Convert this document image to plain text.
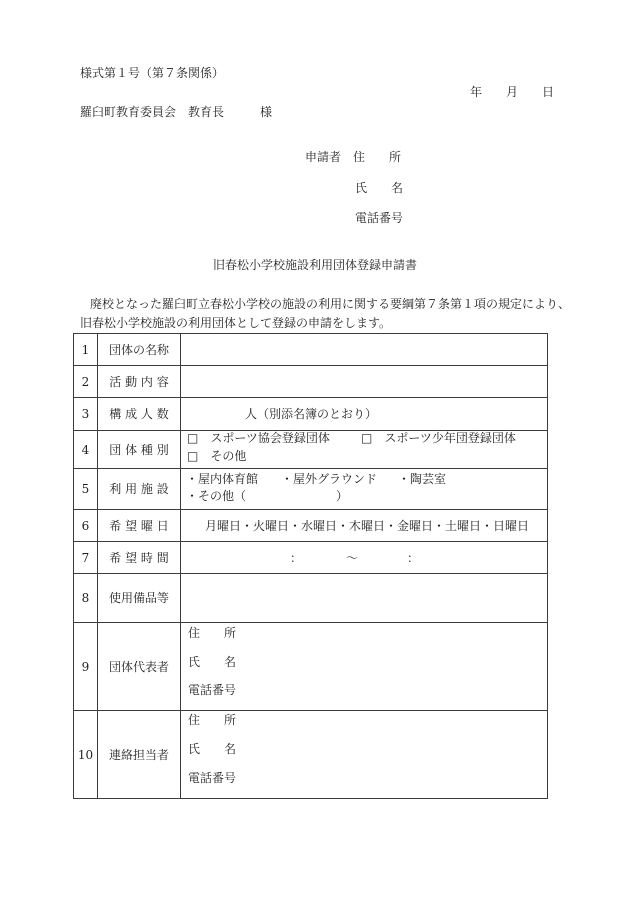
様式第１号（第７条関係）
年　　月　　日
羅臼町教育委員会　教育長　　　様
申請者 住　　所
氏　　名
電話番号
旧春松小学校施設利用団体登録申請書
廃校となった羅臼町立春松小学校の施設の利用に関する要綱第７条第１項の規定により、
旧春松小学校施設の利用団体として登録の申請をします。
1	団体の名称
2	活 動 内 容
3	構 成 人 数	人（別添名簿のとおり）
4	団 体 種 別
□　スポーツ協会登録団体	□　スポーツ少年団登録団体
□　その他
5	利 用 施 設
・屋内体育館 ・屋外グラウンド ・陶芸室
・その他（	）
6	希 望 曜 日	月曜日・火曜日・水曜日・木曜日・金曜日・土曜日・日曜日
7	希 望 時 間	：	～	：
8	使用備品等
9	団体代表者
住　　所
氏　　名
電話番号
10	連絡担当者
住　　所
氏　　名
電話番号
